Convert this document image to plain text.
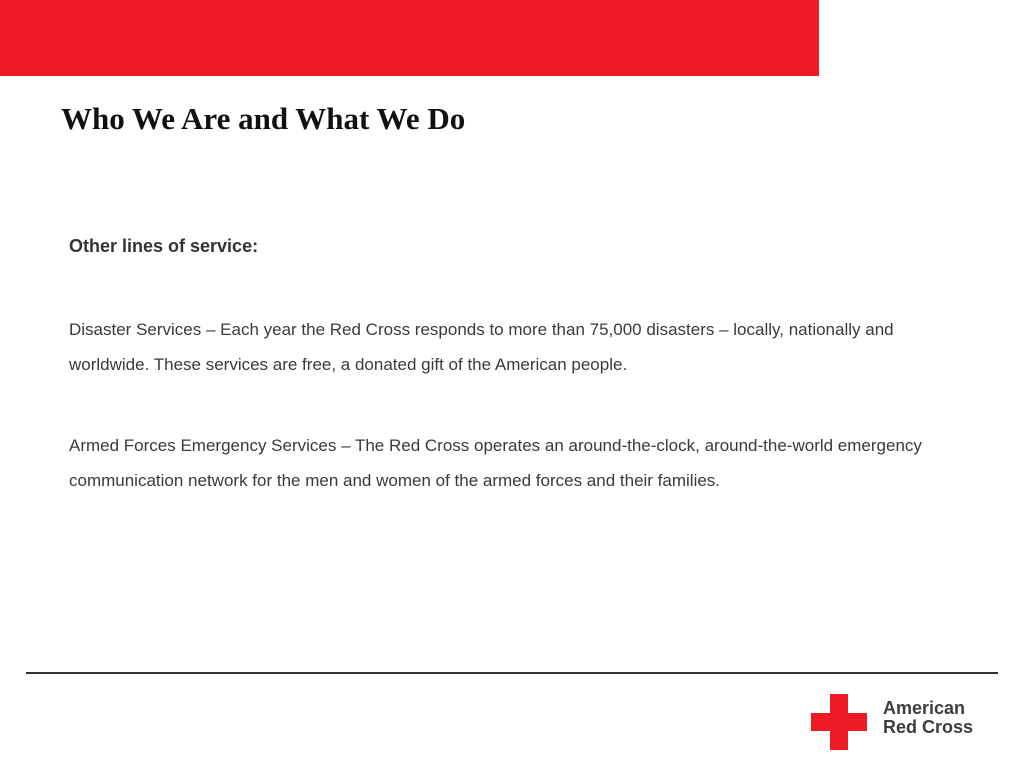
Who We Are and What We Do

Other lines of service:

Disaster Services – Each year the Red Cross responds to more than 75,000 disasters – locally, nationally and worldwide. These services are free, a donated gift of the American people.

Armed Forces Emergency Services – The Red Cross operates an around-the-clock, around-the-world emergency communication network for the men and women of the armed forces and their families.

American
Red Cross
